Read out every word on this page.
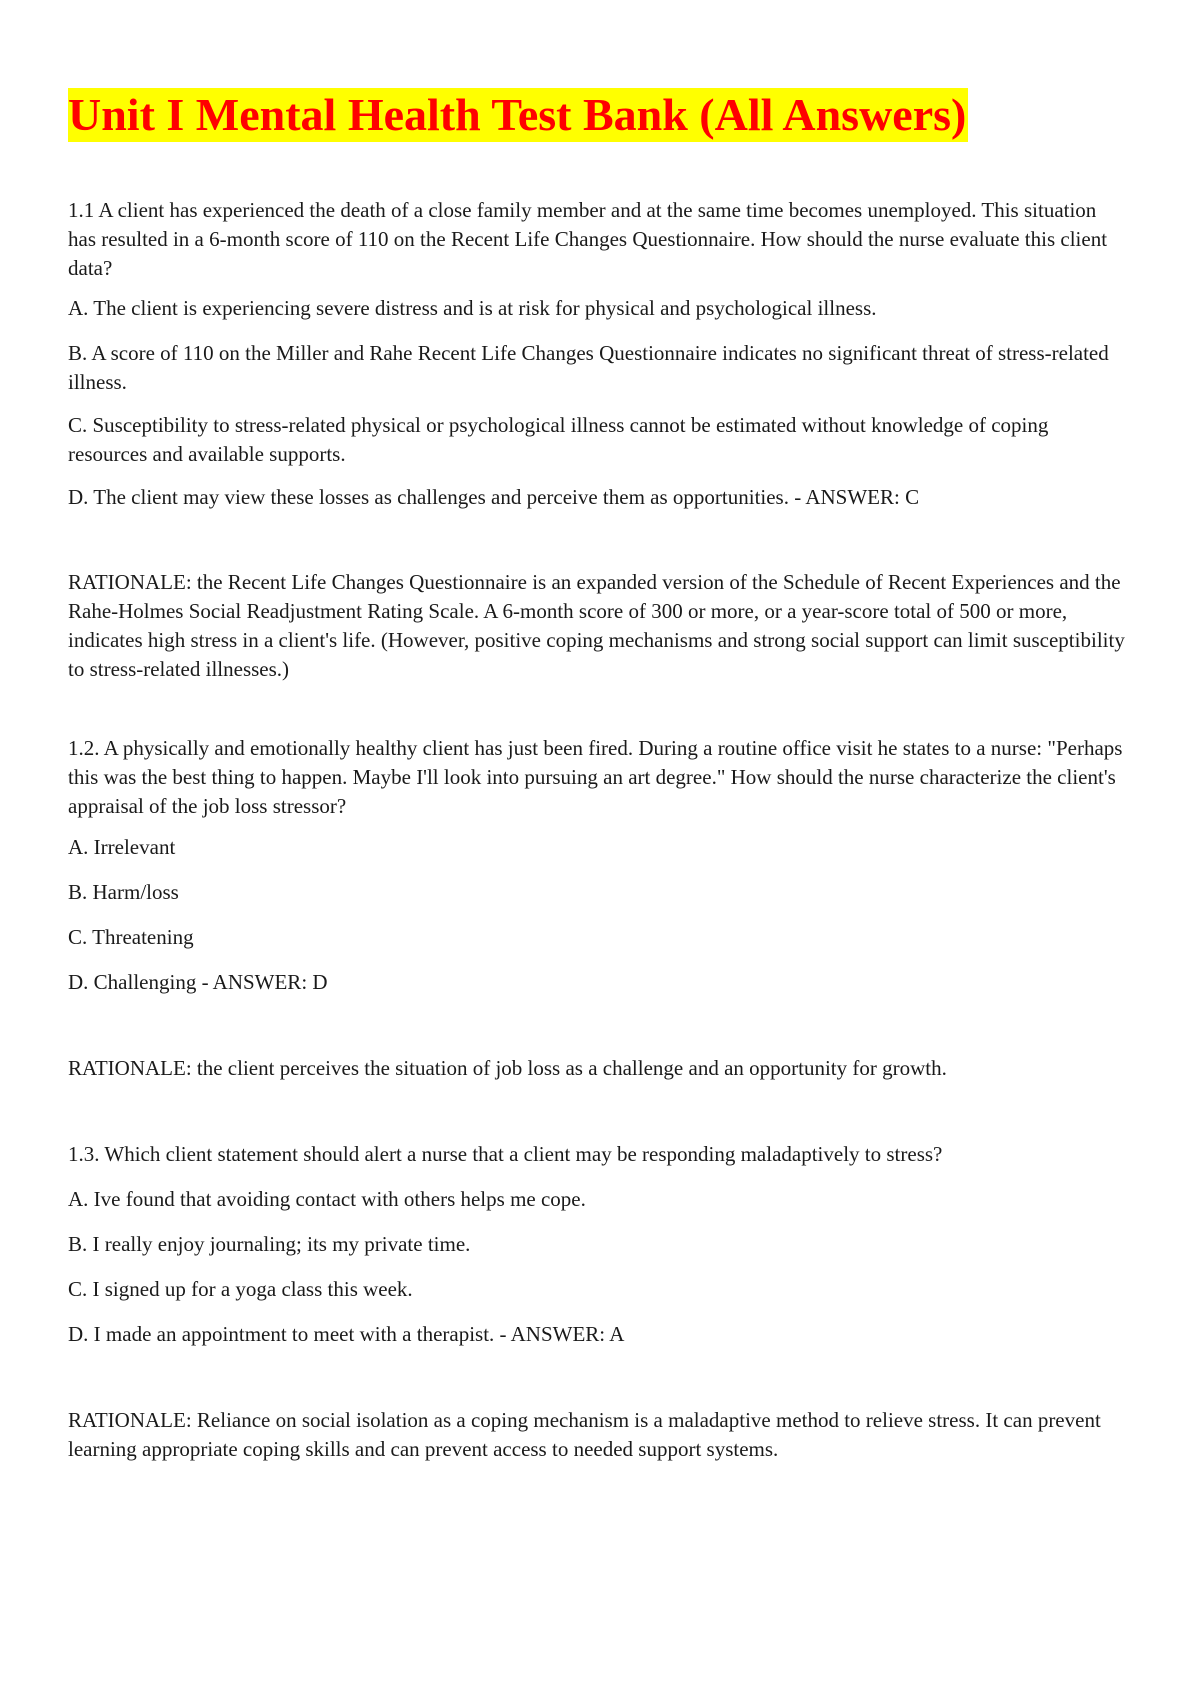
Unit I Mental Health Test Bank (All Answers)

1.1 A client has experienced the death of a close family member and at the same time becomes unemployed. This situation has resulted in a 6-month score of 110 on the Recent Life Changes Questionnaire. How should the nurse evaluate this client data?

A. The client is experiencing severe distress and is at risk for physical and psychological illness.

B. A score of 110 on the Miller and Rahe Recent Life Changes Questionnaire indicates no significant threat of stress-related illness.

C. Susceptibility to stress-related physical or psychological illness cannot be estimated without knowledge of coping resources and available supports.

D. The client may view these losses as challenges and perceive them as opportunities. - ANSWER: C

RATIONALE: the Recent Life Changes Questionnaire is an expanded version of the Schedule of Recent Experiences and the Rahe-Holmes Social Readjustment Rating Scale. A 6-month score of 300 or more, or a year-score total of 500 or more, indicates high stress in a client's life. (However, positive coping mechanisms and strong social support can limit susceptibility to stress-related illnesses.)

1.2. A physically and emotionally healthy client has just been fired. During a routine office visit he states to a nurse: "Perhaps this was the best thing to happen. Maybe I'll look into pursuing an art degree." How should the nurse characterize the client's appraisal of the job loss stressor?

A. Irrelevant

B. Harm/loss

C. Threatening

D. Challenging - ANSWER: D

RATIONALE: the client perceives the situation of job loss as a challenge and an opportunity for growth.

1.3. Which client statement should alert a nurse that a client may be responding maladaptively to stress?

A. Ive found that avoiding contact with others helps me cope.

B. I really enjoy journaling; its my private time.

C. I signed up for a yoga class this week.

D. I made an appointment to meet with a therapist. - ANSWER: A

RATIONALE: Reliance on social isolation as a coping mechanism is a maladaptive method to relieve stress. It can prevent learning appropriate coping skills and can prevent access to needed support systems.
